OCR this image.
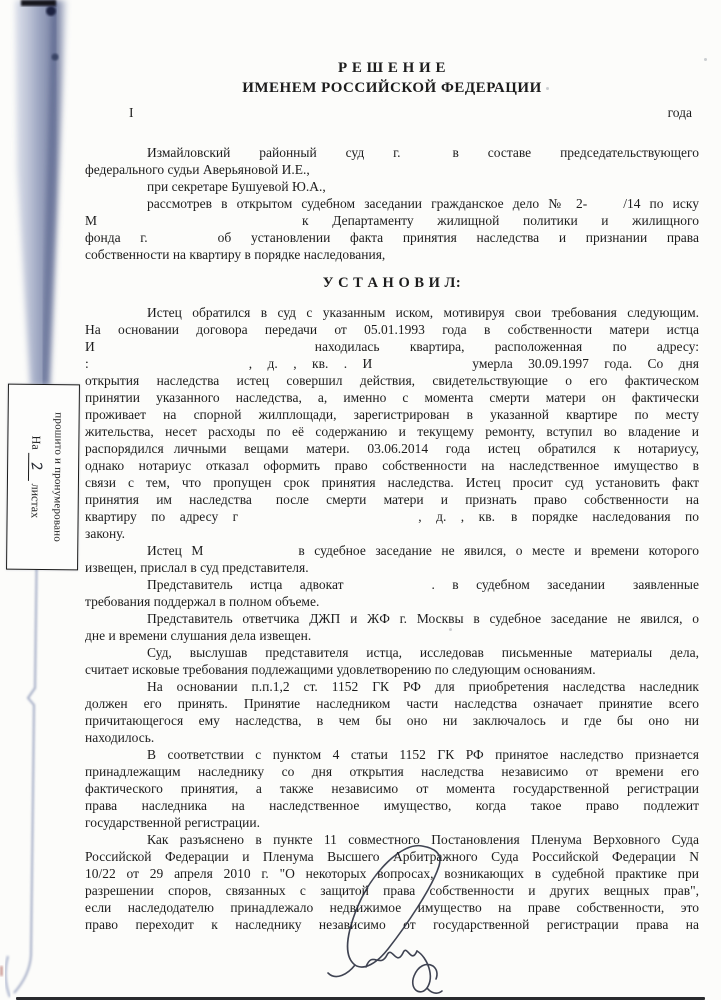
прошито и пронумеровано
На2листах
Р Е Ш Е Н И Е
ИМЕНЕМ РОССИЙСКОЙ ФЕДЕРАЦИИ
I	года
Измайловский районный суд г.	в составе председательствующего
федерального судьи Аверьяновой И.Е.,
при секретаре Бушуевой Ю.А.,
рассмотрев в открытом судебном заседании гражданское дело № 2-	/14 по иску
М	к Департаменту жилищной политики и жилищного
фонда г.	об установлении факта принятия наследства и признании права
собственности на квартиру в порядке наследования,
У С Т А Н О В И Л:
Истец обратился в суд с указанным иском, мотивируя свои требования следующим.
На основании договора передачи от 05.01.1993 года в собственности матери истца
И	находилась квартира, расположенная по адресу:
:	, д. , кв. . И	умерла 30.09.1997 года. Со дня
открытия наследства истец совершил действия, свидетельствующие о его фактическом
принятии указанного наследства, а, именно с момента смерти матери он фактически
проживает на спорной жилплощади, зарегистрирован в указанной квартире по месту
жительства, несет расходы по её содержанию и текущему ремонту, вступил во владение и
распорядился личными вещами матери. 03.06.2014 года истец обратился к нотариусу,
однако нотариус отказал оформить право собственности на наследственное имущество в
связи с тем, что пропущен срок принятия наследства. Истец просит суд установить факт
принятия им наследства после смерти матери и признать право собственности на
квартиру по адресу г	, д. , кв. в порядке наследования по
закону.
Истец М	в судебное заседание не явился, о месте и времени которого
извещен, прислал в суд представителя.
Представитель истца адвокат	. в судебном заседании заявленные
требования поддержал в полном объеме.
Представитель ответчика ДЖП и ЖФ г. Москвы в судебное заседание не явился, о
дне и времени слушания дела извещен.
Суд, выслушав представителя истца, исследовав письменные материалы дела,
считает исковые требования подлежащими удовлетворению по следующим основаниям.
На основании п.п.1,2 ст. 1152 ГК РФ для приобретения наследства наследник
должен его принять. Принятие наследником части наследства означает принятие всего
причитающегося ему наследства, в чем бы оно ни заключалось и где бы оно ни
находилось.
В соответствии с пунктом 4 статьи 1152 ГК РФ принятое наследство признается
принадлежащим наследнику со дня открытия наследства независимо от времени его
фактического принятия, а также независимо от момента государственной регистрации
права наследника на наследственное имущество, когда такое право подлежит
государственной регистрации.
Как разъяснено в пункте 11 совместного Постановления Пленума Верховного Суда
Российской Федерации и Пленума Высшего Арбитражного Суда Российской Федерации N
10/22 от 29 апреля 2010 г. "О некоторых вопросах, возникающих в судебной практике при
разрешении споров, связанных с защитой права собственности и других вещных прав",
если наследодателю принадлежало недвижимое имущество на праве собственности, это
право переходит к наследнику независимо от государственной регистрации права на
